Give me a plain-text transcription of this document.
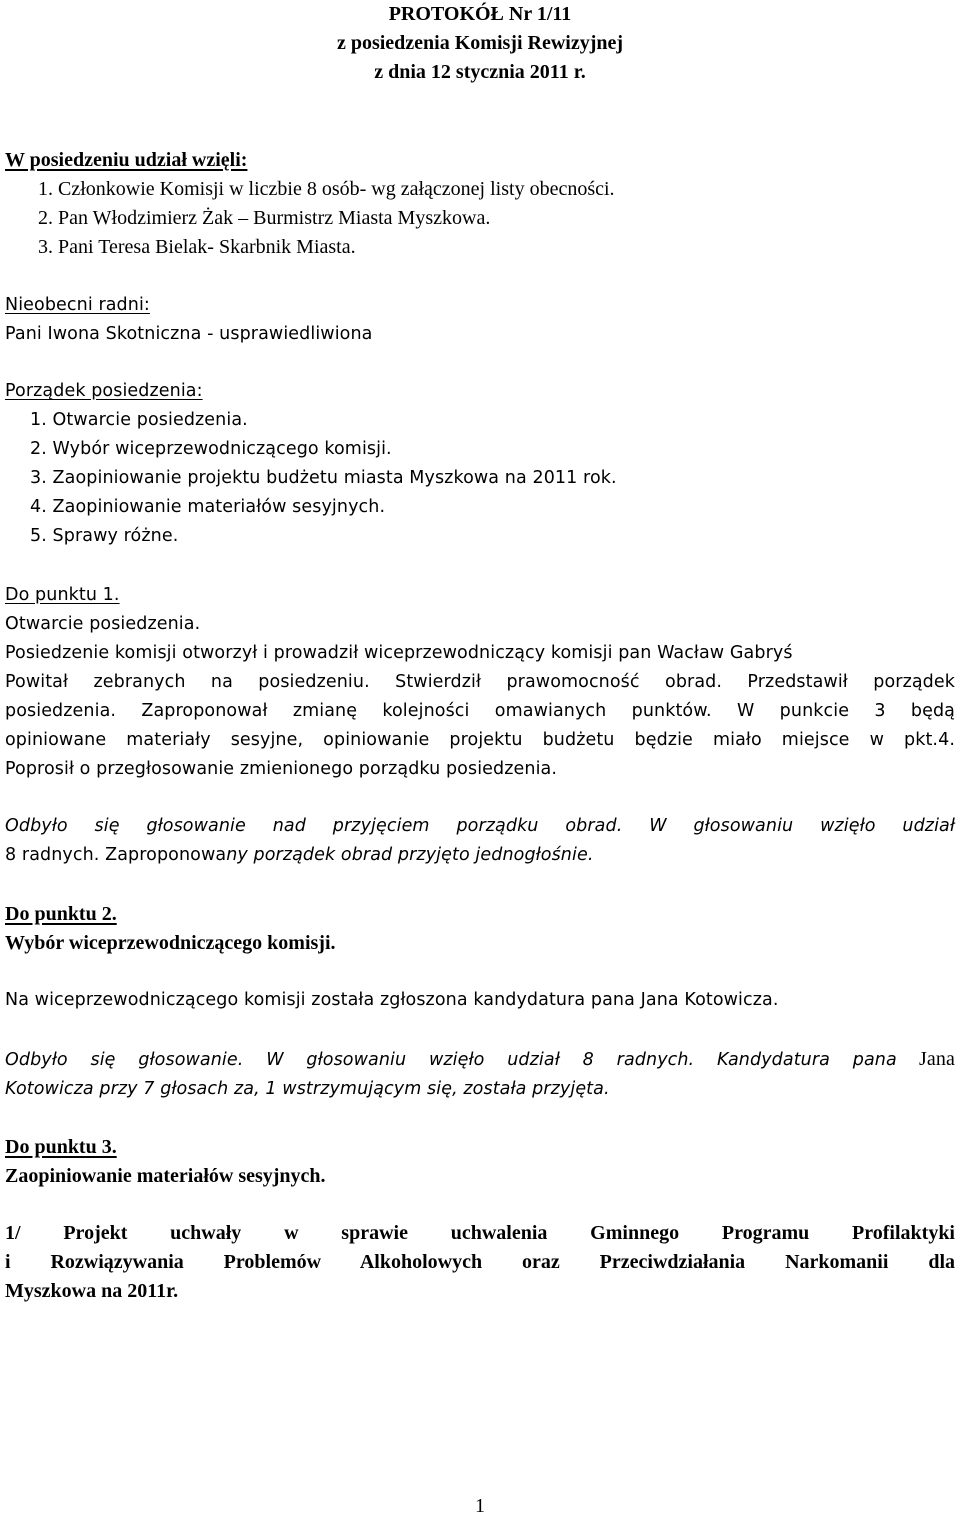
PROTOKÓŁ Nr 1/11
z posiedzenia Komisji Rewizyjnej
z dnia 12 stycznia 2011 r.
W posiedzeniu udział wzięli:
1. Członkowie Komisji w liczbie 8 osób- wg załączonej listy obecności.
2. Pan Włodzimierz Żak – Burmistrz Miasta Myszkowa.
3. Pani Teresa Bielak- Skarbnik Miasta.
Nieobecni radni:
Pani Iwona Skotniczna - usprawiedliwiona
Porządek posiedzenia:
1. Otwarcie posiedzenia.
2. Wybór wiceprzewodniczącego komisji.
3. Zaopiniowanie projektu budżetu miasta Myszkowa na 2011 rok.
4. Zaopiniowanie materiałów sesyjnych.
5. Sprawy różne.
Do punktu 1.
Otwarcie posiedzenia.
Posiedzenie komisji otworzył i prowadził wiceprzewodniczący komisji pan Wacław Gabryś
Powitał zebranych na posiedzeniu. Stwierdził prawomocność obrad. Przedstawił porządek
posiedzenia. Zaproponował zmianę kolejności omawianych punktów. W punkcie 3 będą
opiniowane materiały sesyjne, opiniowanie projektu budżetu będzie miało miejsce w pkt.4.
Poprosił o przegłosowanie zmienionego porządku posiedzenia.
Odbyło się głosowanie nad przyjęciem porządku obrad. W głosowaniu wzięło udział
8 radnych. Zaproponowany porządek obrad przyjęto jednogłośnie.
Do punktu 2.
Wybór wiceprzewodniczącego komisji.
Na wiceprzewodniczącego komisji została zgłoszona kandydatura pana Jana Kotowicza.
Odbyło się głosowanie. W głosowaniu wzięło udział 8 radnych. Kandydatura pana Jana
Kotowicza przy 7 głosach za, 1 wstrzymującym się, została przyjęta.
Do punktu 3.
Zaopiniowanie materiałów sesyjnych.
1/ Projekt uchwały w sprawie uchwalenia Gminnego Programu Profilaktyki
i Rozwiązywania Problemów Alkoholowych oraz Przeciwdziałania Narkomanii dla
Myszkowa na 2011r.
1
